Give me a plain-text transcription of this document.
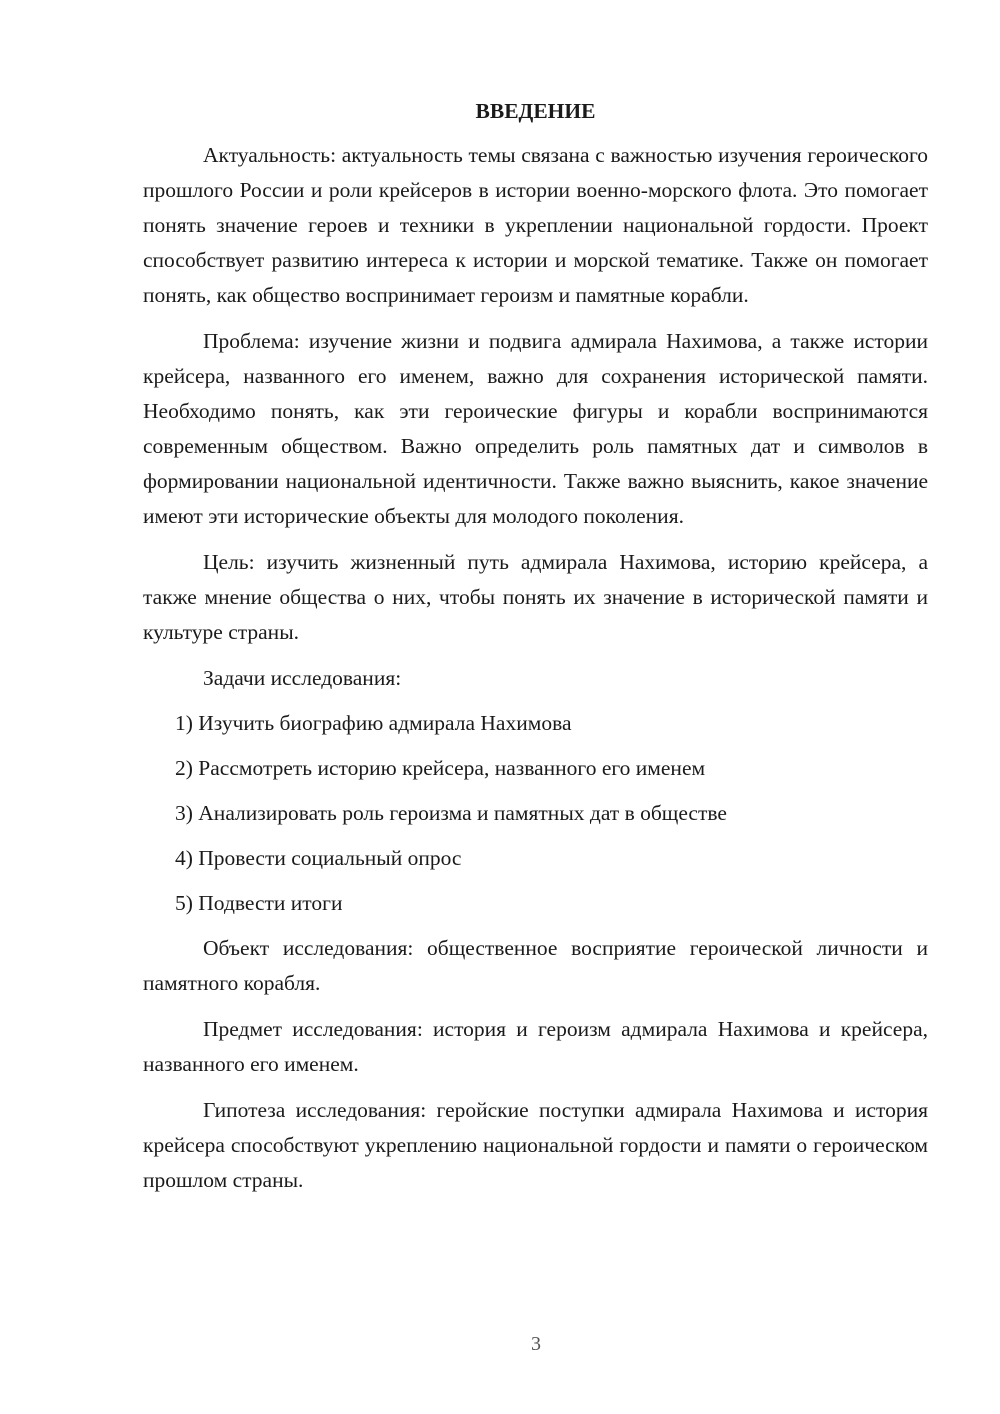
ВВЕДЕНИЕ

Актуальность: актуальность темы связана с важностью изучения героического прошлого России и роли крейсеров в истории военно-морского флота. Это помогает понять значение героев и техники в укреплении национальной гордости. Проект способствует развитию интереса к истории и морской тематике. Также он помогает понять, как общество воспринимает героизм и памятные корабли.

Проблема: изучение жизни и подвига адмирала Нахимова, а также истории крейсера, названного его именем, важно для сохранения исторической памяти. Необходимо понять, как эти героические фигуры и корабли воспринимаются современным обществом. Важно определить роль памятных дат и символов в формировании национальной идентичности. Также важно выяснить, какое значение имеют эти исторические объекты для молодого поколения.

Цель: изучить жизненный путь адмирала Нахимова, историю крейсера, а также мнение общества о них, чтобы понять их значение в исторической памяти и культуре страны.

Задачи исследования:

1) Изучить биографию адмирала Нахимова
2) Рассмотреть историю крейсера, названного его именем
3) Анализировать роль героизма и памятных дат в обществе
4) Провести социальный опрос
5) Подвести итоги

Объект исследования: общественное восприятие героической личности и памятного корабля.

Предмет исследования: история и героизм адмирала Нахимова и крейсера, названного его именем.

Гипотеза исследования: геройские поступки адмирала Нахимова и история крейсера способствуют укреплению национальной гордости и памяти о героическом прошлом страны.

3
